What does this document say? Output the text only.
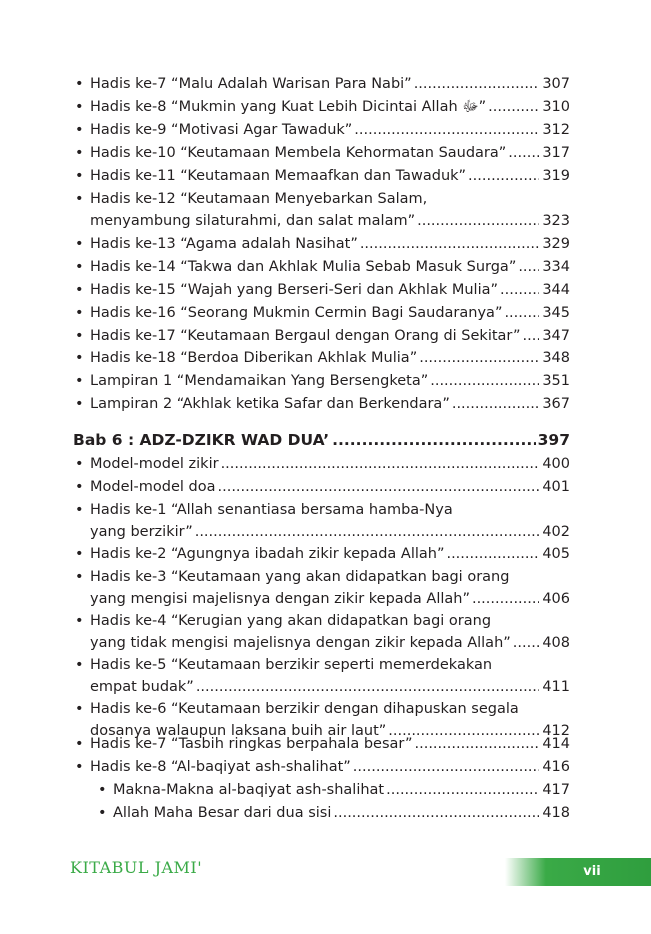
• Hadis ke-7 “Malu Adalah Warisan Para Nabi” .....	307
• Hadis ke-8 “Mukmin yang Kuat Lebih Dicintai Allah ﷻ” .....	310
• Hadis ke-9 “Motivasi Agar Tawaduk” .....	312
• Hadis ke-10 “Keutamaan Membela Kehormatan Saudara” ..... 317
• Hadis ke-11 “Keutamaan Memaafkan dan Tawaduk” .....	319
• Hadis ke-12 “Keutamaan Menyebarkan Salam,
menyambung silaturahmi, dan salat malam” .....	323
• Hadis ke-13 “Agama adalah Nasihat” .....	329
• Hadis ke-14 “Takwa dan Akhlak Mulia Sebab Masuk Surga” ..... 334
• Hadis ke-15 “Wajah yang Berseri-Seri dan Akhlak Mulia” .....	344
• Hadis ke-16 “Seorang Mukmin Cermin Bagi Saudaranya” .....	345
• Hadis ke-17 “Keutamaan Bergaul dengan Orang di Sekitar” ..... 347
• Hadis ke-18 “Berdoa Diberikan Akhlak Mulia” .....	348
• Lampiran 1 “Mendamaikan Yang Bersengketa” .....	351
• Lampiran 2 “Akhlak ketika Safar dan Berkendara” .....	367
Bab 6 : ADZ-DZIKR WAD DUA’ .....	397
• Model-model zikir .....	400
• Model-model doa .....	401
• Hadis ke-1 “Allah senantiasa bersama hamba-Nya
yang berzikir” .....	402
• Hadis ke-2 “Agungnya ibadah zikir kepada Allah” .....	405
• Hadis ke-3 “Keutamaan yang akan didapatkan bagi orang
yang mengisi majelisnya dengan zikir kepada Allah” .....	406
• Hadis ke-4 “Kerugian yang akan didapatkan bagi orang
yang tidak mengisi majelisnya dengan zikir kepada Allah” ..... 408
• Hadis ke-5 “Keutamaan berzikir seperti memerdekakan
empat budak” .....	411
• Hadis ke-6 “Keutamaan berzikir dengan dihapuskan segala
dosanya walaupun laksana buih air laut” .....	412
• Hadis ke-7 “Tasbih ringkas berpahala besar” .....	414
• Hadis ke-8 “Al-baqiyat ash-shalihat” .....	416
• Makna-Makna al-baqiyat ash-shalihat .....	417
• Allah Maha Besar dari dua sisi .....	418
KITABUL JAMI'	vii
